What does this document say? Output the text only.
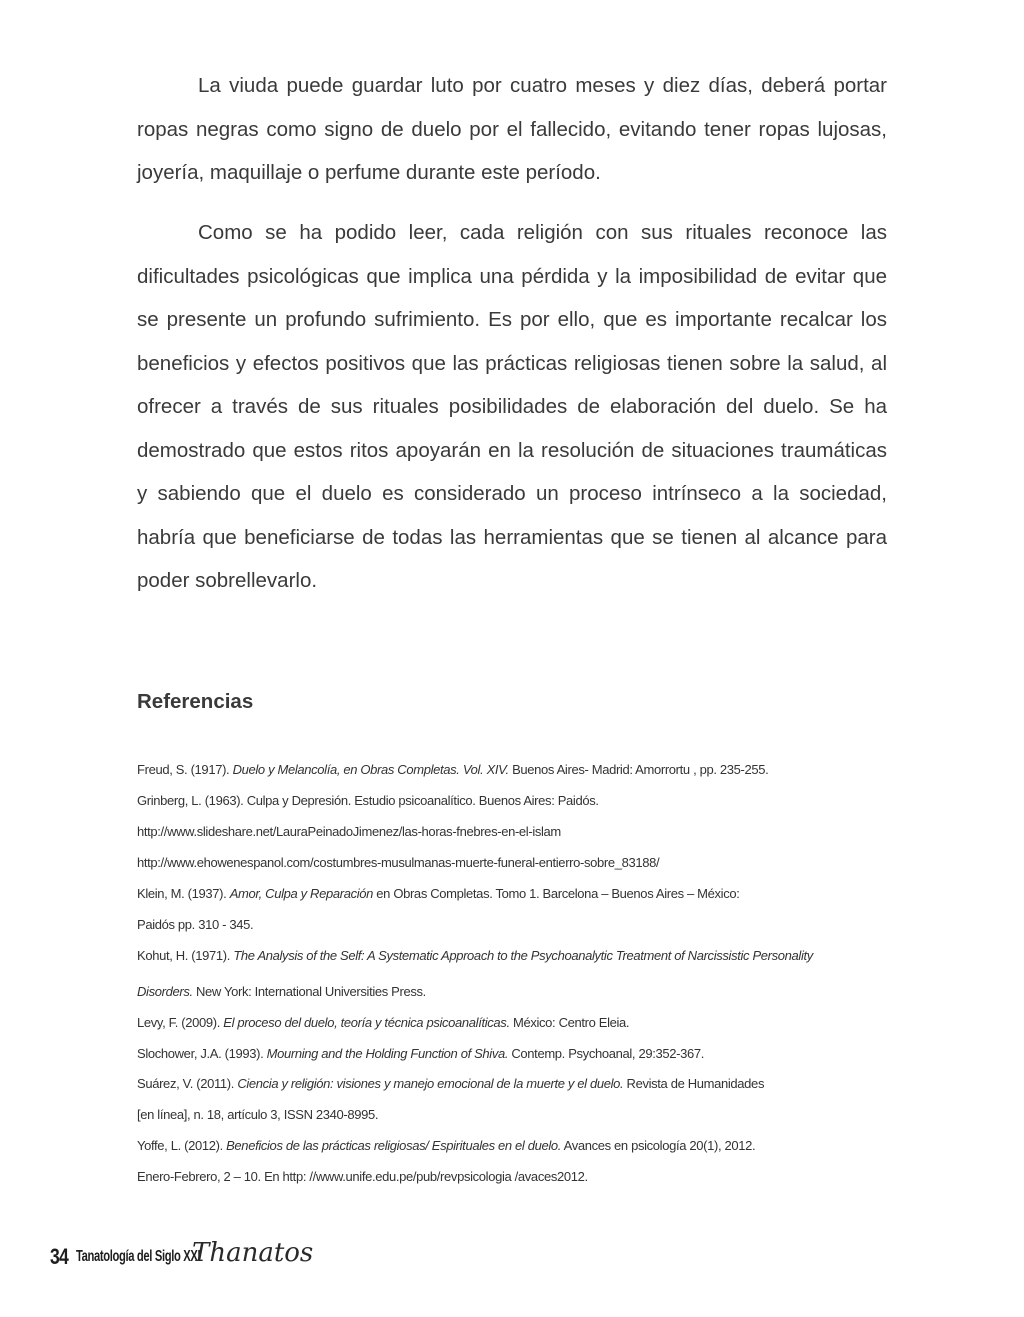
La viuda puede guardar luto por cuatro meses y diez días, deberá portar ropas negras como signo de duelo por el fallecido, evitando tener ropas lujosas, joyería, maquillaje o perfume durante este período.

Como se ha podido leer, cada religión con sus rituales reconoce las dificultades psicológicas que implica una pérdida y la imposibilidad de evitar que se presente un profundo sufrimiento. Es por ello, que es importante recalcar los beneficios y efectos positivos que las prácticas religiosas tienen sobre la salud, al ofrecer a través de sus rituales posibilidades de elaboración del duelo. Se ha demostrado que estos ritos apoyarán en la resolución de situaciones traumáticas y sabiendo que el duelo es considerado un proceso intrínseco a la sociedad, habría que beneficiarse de todas las herramientas que se tienen al alcance para poder sobrellevarlo.

Referencias
Freud, S. (1917). Duelo y Melancolía, en Obras Completas. Vol. XIV. Buenos Aires- Madrid: Amorrortu , pp. 235-255.
Grinberg, L. (1963). Culpa y Depresión. Estudio psicoanalítico. Buenos Aires: Paidós.
http://www.slideshare.net/LauraPeinadoJimenez/las-horas-fnebres-en-el-islam
http://www.ehowenespanol.com/costumbres-musulmanas-muerte-funeral-entierro-sobre_83188/
Klein, M. (1937). Amor, Culpa y Reparación en Obras Completas. Tomo 1. Barcelona – Buenos Aires – México:
Paidós pp. 310 - 345.
Kohut, H. (1971). The Analysis of the Self: A Systematic Approach to the Psychoanalytic Treatment of Narcissistic Personality
Disorders. New York: International Universities Press.
Levy, F. (2009). El proceso del duelo, teoría y técnica psicoanalíticas. México: Centro Eleia.
Slochower, J.A. (1993). Mourning and the Holding Function of Shiva. Contemp. Psychoanal, 29:352-367.
Suárez, V. (2011). Ciencia y religión: visiones y manejo emocional de la muerte y el duelo. Revista de Humanidades
[en línea], n. 18, artículo 3, ISSN 2340-8995.
Yoffe, L. (2012). Beneficios de las prácticas religiosas/ Espirituales en el duelo. Avances en psicología 20(1), 2012.
Enero-Febrero, 2 – 10. En http: //www.unife.edu.pe/pub/revpsicologia /avaces2012.
34 Tanatología del Siglo XXI
Thanatos
